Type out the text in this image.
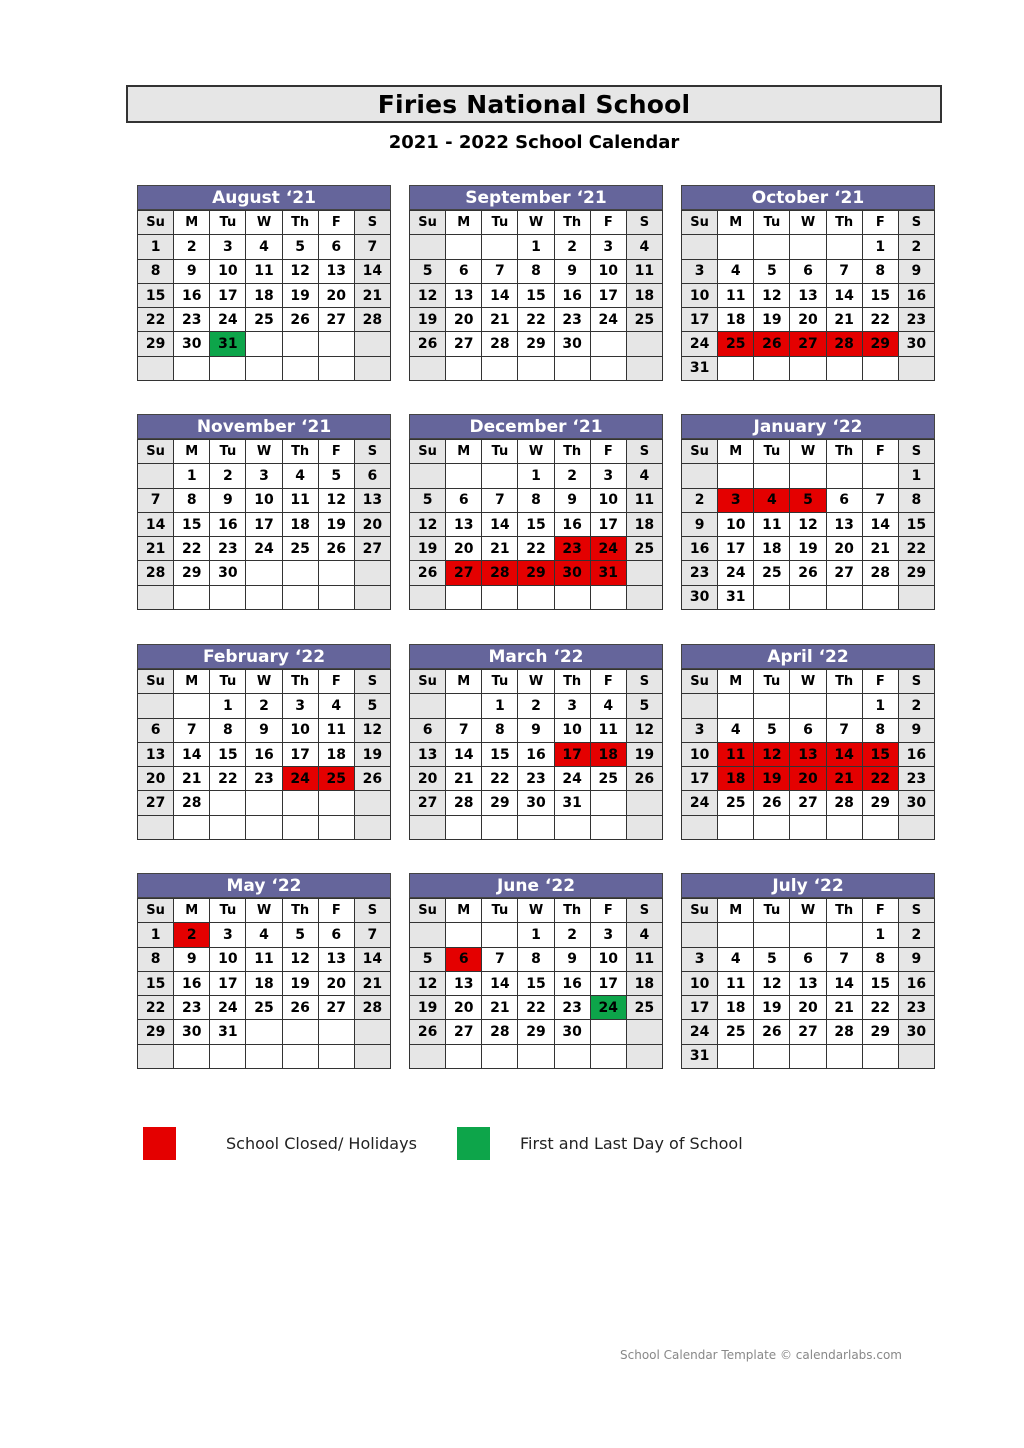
Firies National School
2021 - 2022 School Calendar
August ‘21
Su	M	Tu	W	Th	F	S
1	2	3	4	5	6	7
8	9	10	11	12	13	14
15	16	17	18	19	20	21
22	23	24	25	26	27	28
29	30	31				

September ‘21
Su	M	Tu	W	Th	F	S
			1	2	3	4
5	6	7	8	9	10	11
12	13	14	15	16	17	18
19	20	21	22	23	24	25
26	27	28	29	30		

October ‘21
Su	M	Tu	W	Th	F	S
					1	2
3	4	5	6	7	8	9
10	11	12	13	14	15	16
17	18	19	20	21	22	23
24	25	26	27	28	29	30
31						
November ‘21
Su	M	Tu	W	Th	F	S
	1	2	3	4	5	6
7	8	9	10	11	12	13
14	15	16	17	18	19	20
21	22	23	24	25	26	27
28	29	30				

December ‘21
Su	M	Tu	W	Th	F	S
			1	2	3	4
5	6	7	8	9	10	11
12	13	14	15	16	17	18
19	20	21	22	23	24	25
26	27	28	29	30	31	

January ‘22
Su	M	Tu	W	Th	F	S
						1
2	3	4	5	6	7	8
9	10	11	12	13	14	15
16	17	18	19	20	21	22
23	24	25	26	27	28	29
30	31					
February ‘22
Su	M	Tu	W	Th	F	S
		1	2	3	4	5
6	7	8	9	10	11	12
13	14	15	16	17	18	19
20	21	22	23	24	25	26
27	28					

March ‘22
Su	M	Tu	W	Th	F	S
		1	2	3	4	5
6	7	8	9	10	11	12
13	14	15	16	17	18	19
20	21	22	23	24	25	26
27	28	29	30	31		

April ‘22
Su	M	Tu	W	Th	F	S
					1	2
3	4	5	6	7	8	9
10	11	12	13	14	15	16
17	18	19	20	21	22	23
24	25	26	27	28	29	30

May ‘22
Su	M	Tu	W	Th	F	S
1	2	3	4	5	6	7
8	9	10	11	12	13	14
15	16	17	18	19	20	21
22	23	24	25	26	27	28
29	30	31				

June ‘22
Su	M	Tu	W	Th	F	S
			1	2	3	4
5	6	7	8	9	10	11
12	13	14	15	16	17	18
19	20	21	22	23	24	25
26	27	28	29	30		

July ‘22
Su	M	Tu	W	Th	F	S
					1	2
3	4	5	6	7	8	9
10	11	12	13	14	15	16
17	18	19	20	21	22	23
24	25	26	27	28	29	30
31						
School Closed/ Holidays	First and Last Day of School
School Calendar Template © calendarlabs.com
